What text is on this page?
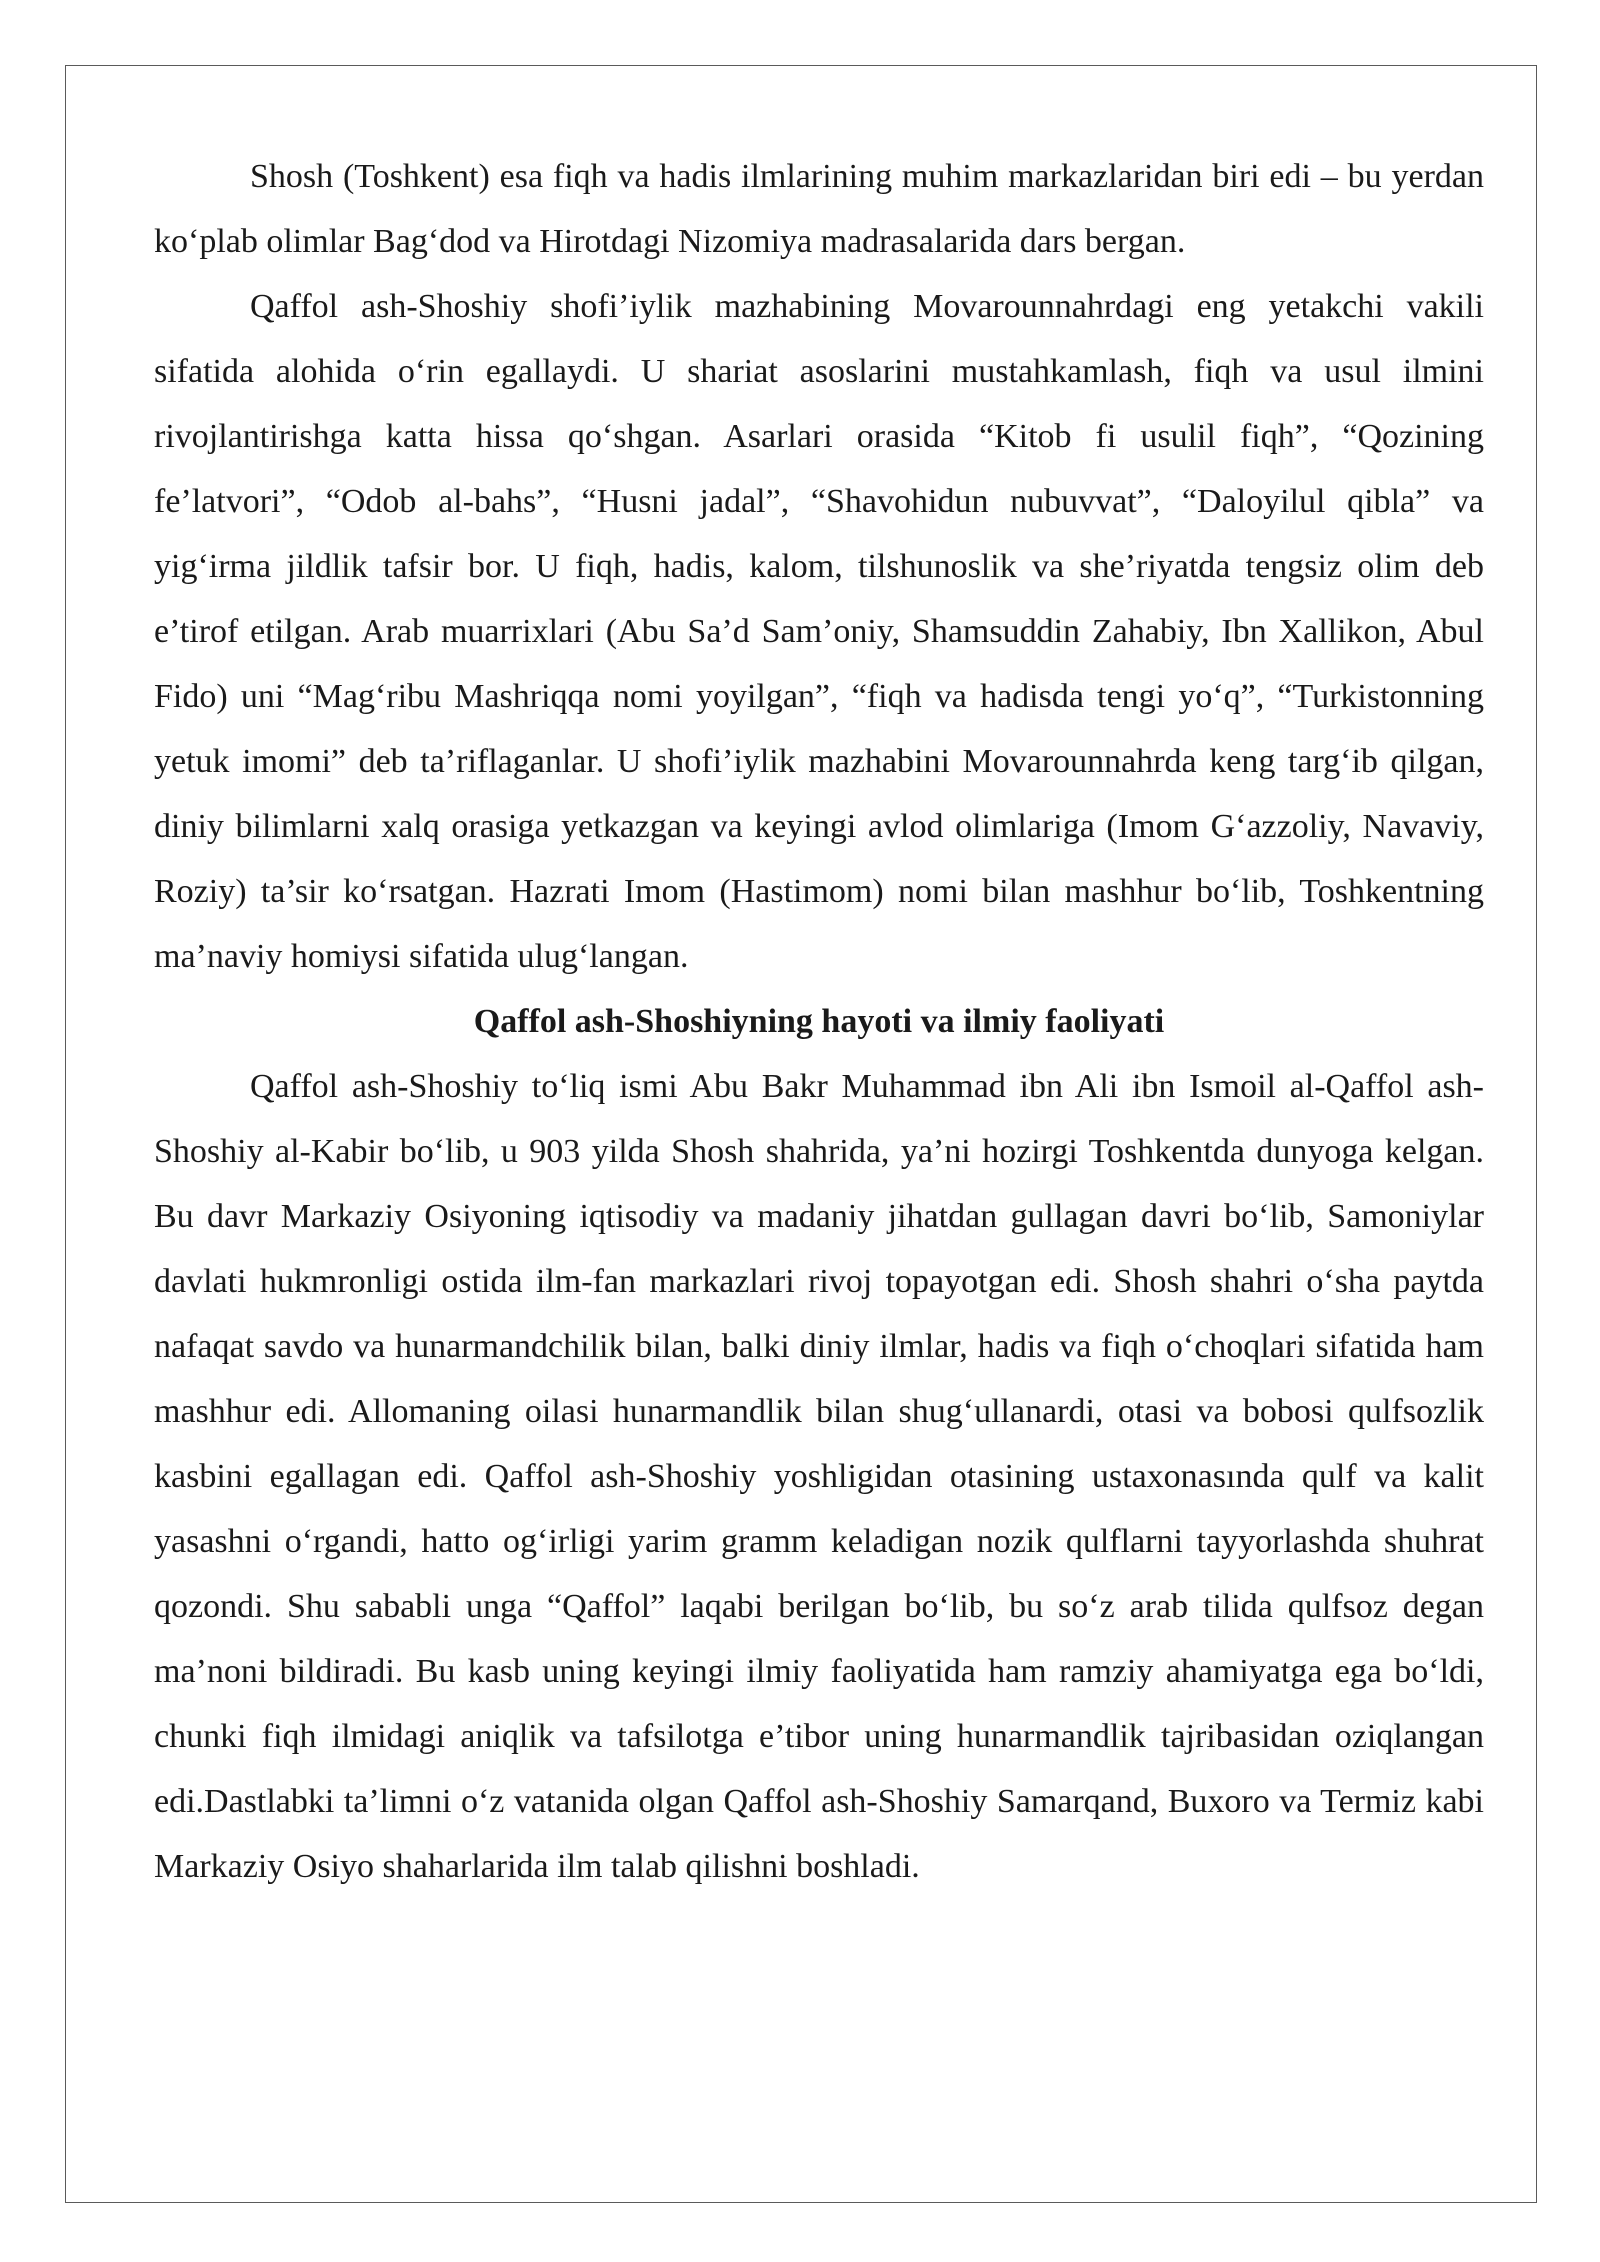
Shosh (Toshkent) esa fiqh va hadis ilmlarining muhim markazlaridan biri edi – bu yerdan ko‘plab olimlar Bag‘dod va Hirotdagi Nizomiya madrasalarida dars bergan.

Qaffol ash-Shoshiy shofi’iylik mazhabining Movarounnahrdagi eng yetakchi vakili sifatida alohida o‘rin egallaydi. U shariat asoslarini mustahkamlash, fiqh va usul ilmini rivojlantirishga katta hissa qo‘shgan. Asarlari orasida “Kitob fi usulil fiqh”, “Qozining fe’latvori”, “Odob al-bahs”, “Husni jadal”, “Shavohidun nubuvvat”, “Daloyilul qibla” va yig‘irma jildlik tafsir bor. U fiqh, hadis, kalom, tilshunoslik va she’riyatda tengsiz olim deb e’tirof etilgan. Arab muarrixlari (Abu Sa’d Sam’oniy, Shamsuddin Zahabiy, Ibn Xallikon, Abul Fido) uni “Mag‘ribu Mashriqqa nomi yoyilgan”, “fiqh va hadisda tengi yo‘q”, “Turkistonning yetuk imomi” deb ta’riflaganlar. U shofi’iylik mazhabini Movarounnahrda keng targ‘ib qilgan, diniy bilimlarni xalq orasiga yetkazgan va keyingi avlod olimlariga (Imom G‘azzoliy, Navaviy, Roziy) ta’sir ko‘rsatgan. Hazrati Imom (Hastimom) nomi bilan mashhur bo‘lib, Toshkentning ma’naviy homiysi sifatida ulug‘langan.

Qaffol ash-Shoshiyning hayoti va ilmiy faoliyati

Qaffol ash-Shoshiy to‘liq ismi Abu Bakr Muhammad ibn Ali ibn Ismoil al-Qaffol ash-Shoshiy al-Kabir bo‘lib, u 903 yilda Shosh shahrida, ya’ni hozirgi Toshkentda dunyoga kelgan. Bu davr Markaziy Osiyoning iqtisodiy va madaniy jihatdan gullagan davri bo‘lib, Samoniylar davlati hukmronligi ostida ilm-fan markazlari rivoj topayotgan edi. Shosh shahri o‘sha paytda nafaqat savdo va hunarmandchilik bilan, balki diniy ilmlar, hadis va fiqh o‘choqlari sifatida ham mashhur edi. Allomaning oilasi hunarmandlik bilan shug‘ullanardi, otasi va bobosi qulfsozlik kasbini egallagan edi. Qaffol ash-Shoshiy yoshligidan otasining ustaxonasında qulf va kalit yasashni o‘rgandi, hatto og‘irligi yarim gramm keladigan nozik qulflarni tayyorlashda shuhrat qozondi. Shu sababli unga “Qaffol” laqabi berilgan bo‘lib, bu so‘z arab tilida qulfsoz degan ma’noni bildiradi. Bu kasb uning keyingi ilmiy faoliyatida ham ramziy ahamiyatga ega bo‘ldi, chunki fiqh ilmidagi aniqlik va tafsilotga e’tibor uning hunarmandlik tajribasidan oziqlangan edi.Dastlabki ta’limni o‘z vatanida olgan Qaffol ash-Shoshiy Samarqand, Buxoro va Termiz kabi Markaziy Osiyo shaharlarida ilm talab qilishni boshladi.
